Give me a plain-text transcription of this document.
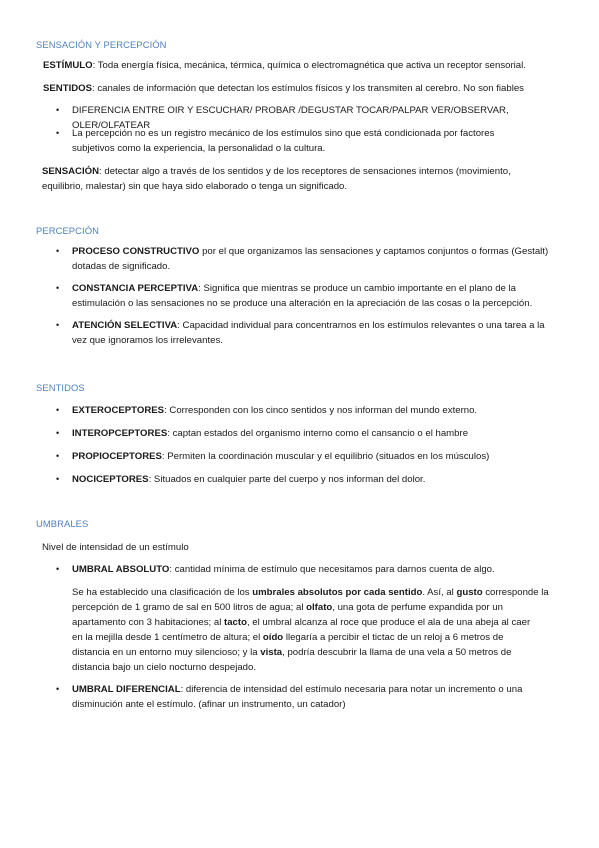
SENSACIÓN Y PERCEPCIÓN

ESTÍMULO: Toda energía física, mecánica, térmica, química o electromagnética que activa un receptor sensorial.

SENTIDOS: canales de información que detectan los estímulos físicos y los transmiten al cerebro. No son fiables

• DIFERENCIA ENTRE OIR Y ESCUCHAR/ PROBAR /DEGUSTAR TOCAR/PALPAR VER/OBSERVAR, OLER/OLFATEAR
• La percepción no es un registro mecánico de los estímulos sino que está condicionada por factores
subjetivos como la experiencia, la personalidad o la cultura.

SENSACIÓN: detectar algo a través de los sentidos y de los receptores de sensaciones internos (movimiento,
equilibrio, malestar) sin que haya sido elaborado o tenga un significado.

PERCEPCIÓN

• PROCESO CONSTRUCTIVO por el que organizamos las sensaciones y captamos conjuntos o formas (Gestalt)
dotadas de significado.
• CONSTANCIA PERCEPTIVA: Significa que mientras se produce un cambio importante en el plano de la
estimulación o las sensaciones no se produce una alteración en la apreciación de las cosas o la percepción.
• ATENCIÓN SELECTIVA: Capacidad individual para concentrarnos en los estímulos relevantes o una tarea a la
vez que ignoramos los irrelevantes.

SENTIDOS

• EXTEROCEPTORES: Corresponden con los cinco sentidos y nos informan del mundo externo.
• INTEROPCEPTORES: captan estados del organismo interno como el cansancio o el hambre
• PROPIOCEPTORES: Permiten la coordinación muscular y el equilibrio (situados en los músculos)
• NOCICEPTORES: Situados en cualquier parte del cuerpo y nos informan del dolor.

UMBRALES

Nivel de intensidad de un estímulo

• UMBRAL ABSOLUTO: cantidad mínima de estímulo que necesitamos para darnos cuenta de algo.

Se ha establecido una clasificación de los umbrales absolutos por cada sentido. Así, al gusto corresponde la

percepción de 1 gramo de sal en 500 litros de agua; al olfato, una gota de perfume expandida por un

apartamento con 3 habitaciones; al tacto, el umbral alcanza al roce que produce el ala de una abeja al caer

en la mejilla desde 1 centímetro de altura; el oído llegaría a percibir el tictac de un reloj a 6 metros de

distancia en un entorno muy silencioso; y la vista, podría descubrir la llama de una vela a 50 metros de

distancia bajo un cielo nocturno despejado.

• UMBRAL DIFERENCIAL: diferencia de intensidad del estímulo necesaria para notar un incremento o una
disminución ante el estímulo. (afinar un instrumento, un catador)
